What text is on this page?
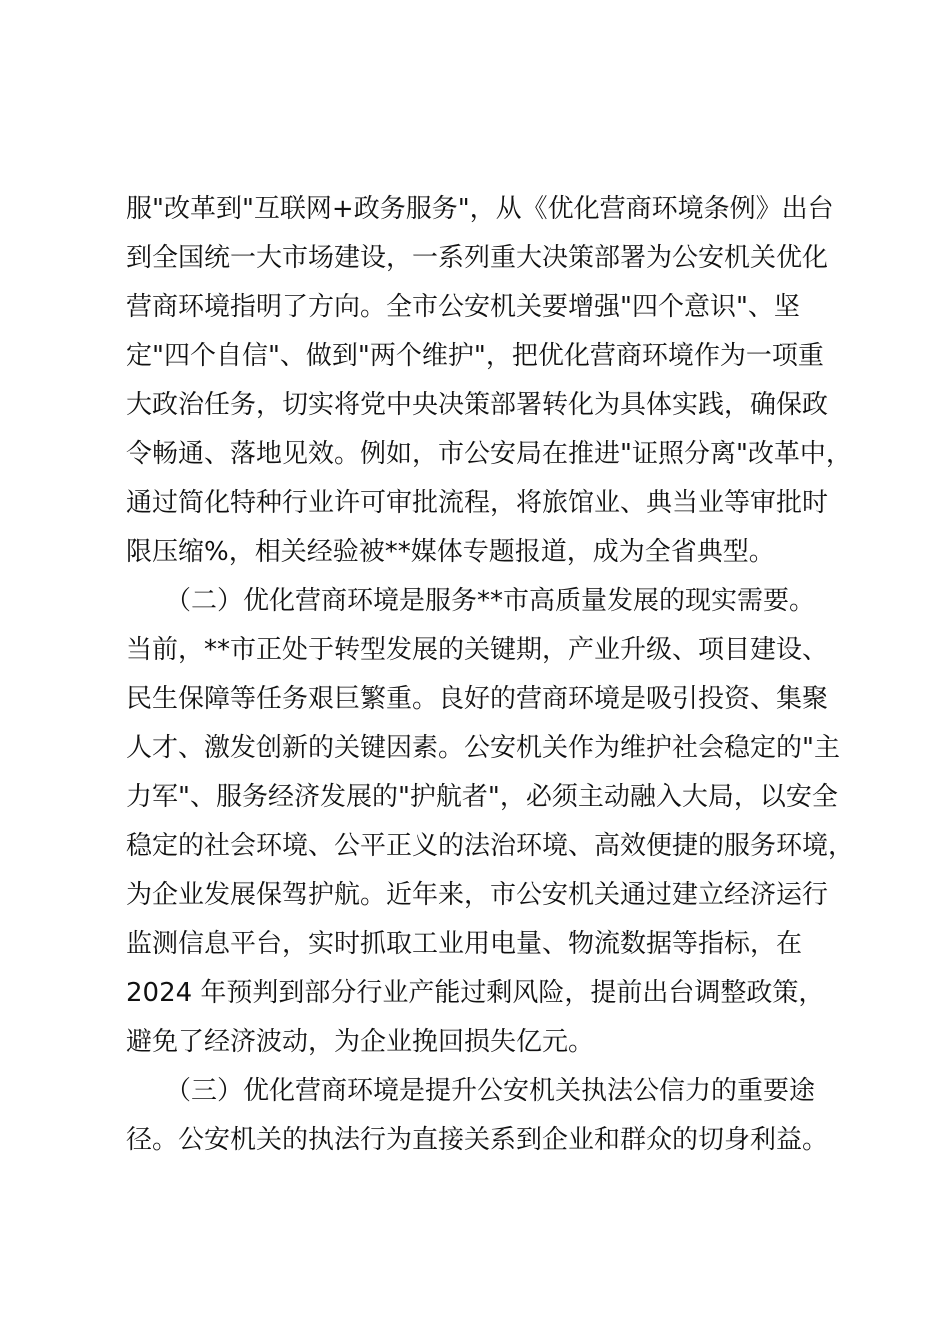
服"改革到"互联网+政务服务"，从《优化营商环境条例》出台
到全国统一大市场建设，一系列重大决策部署为公安机关优化
营商环境指明了方向。全市公安机关要增强"四个意识"、坚
定"四个自信"、做到"两个维护"，把优化营商环境作为一项重
大政治任务，切实将党中央决策部署转化为具体实践，确保政
令畅通、落地见效。例如，市公安局在推进"证照分离"改革中，
通过简化特种行业许可审批流程，将旅馆业、典当业等审批时
限压缩%，相关经验被**媒体专题报道，成为全省典型。
　　（二）优化营商环境是服务**市高质量发展的现实需要。
当前，**市正处于转型发展的关键期，产业升级、项目建设、
民生保障等任务艰巨繁重。良好的营商环境是吸引投资、集聚
人才、激发创新的关键因素。公安机关作为维护社会稳定的"主
力军"、服务经济发展的"护航者"，必须主动融入大局，以安全
稳定的社会环境、公平正义的法治环境、高效便捷的服务环境，
为企业发展保驾护航。近年来，市公安机关通过建立经济运行
监测信息平台，实时抓取工业用电量、物流数据等指标，在
2024 年预判到部分行业产能过剩风险，提前出台调整政策，
避免了经济波动，为企业挽回损失亿元。
　　（三）优化营商环境是提升公安机关执法公信力的重要途
径。公安机关的执法行为直接关系到企业和群众的切身利益。
